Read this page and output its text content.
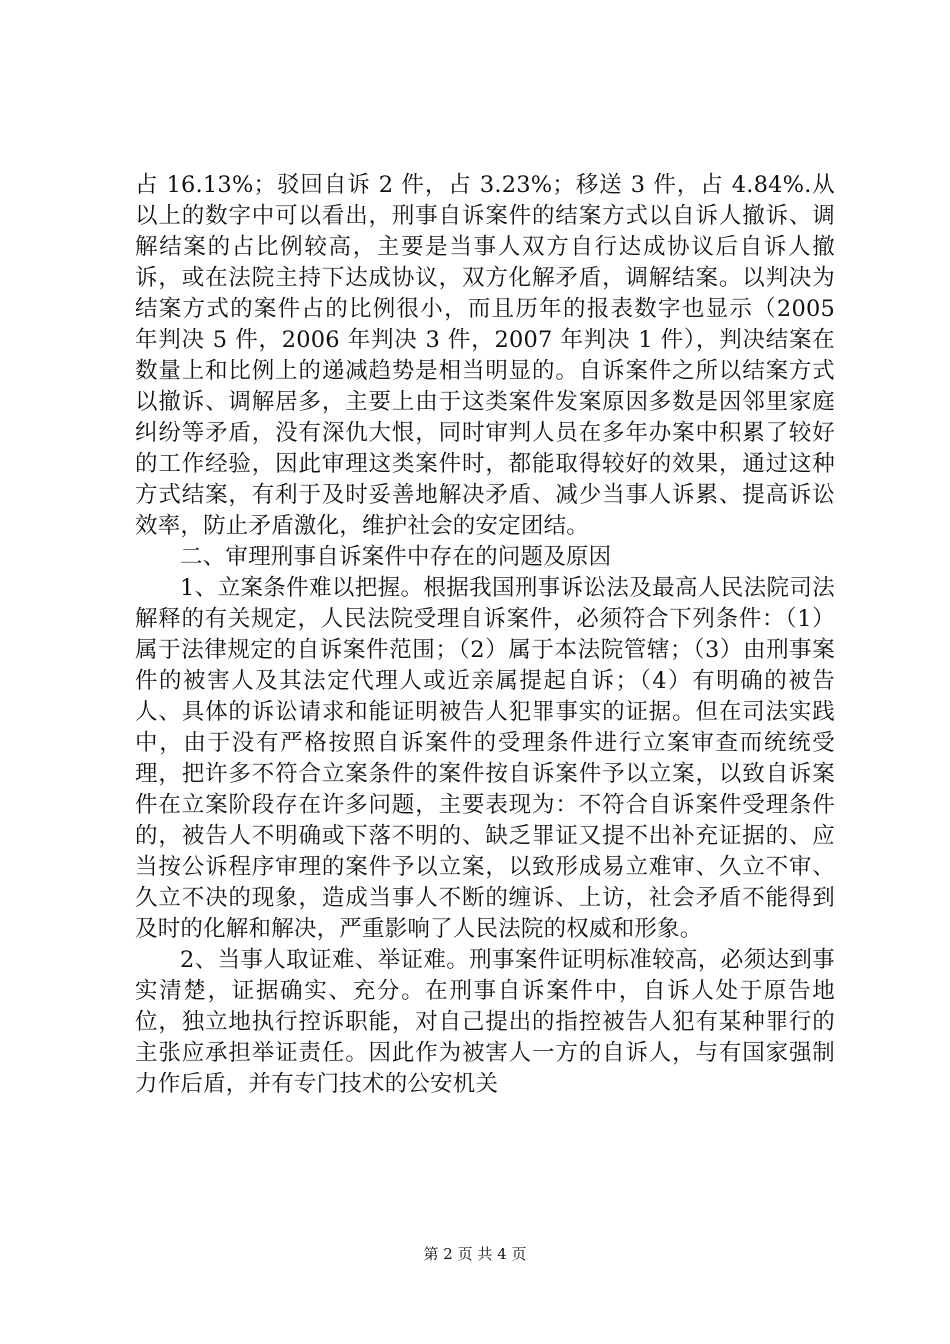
占 16.13%；驳回自诉 2 件，占 3.23%；移送 3 件，占 4.84%.从以上的数字中可以看出，刑事自诉案件的结案方式以自诉人撤诉、调解结案的占比例较高，主要是当事人双方自行达成协议后自诉人撤诉，或在法院主持下达成协议，双方化解矛盾，调解结案。以判决为结案方式的案件占的比例很小，而且历年的报表数字也显示（2005 年判决 5 件，2006 年判决 3 件，2007 年判决 1 件），判决结案在数量上和比例上的递减趋势是相当明显的。自诉案件之所以结案方式以撤诉、调解居多，主要上由于这类案件发案原因多数是因邻里家庭纠纷等矛盾，没有深仇大恨，同时审判人员在多年办案中积累了较好的工作经验，因此审理这类案件时，都能取得较好的效果，通过这种方式结案，有利于及时妥善地解决矛盾、减少当事人诉累、提高诉讼效率，防止矛盾激化，维护社会的安定团结。

二、审理刑事自诉案件中存在的问题及原因

1、立案条件难以把握。根据我国刑事诉讼法及最高人民法院司法解释的有关规定，人民法院受理自诉案件，必须符合下列条件：（1）属于法律规定的自诉案件范围；（2）属于本法院管辖；（3）由刑事案件的被害人及其法定代理人或近亲属提起自诉；（4）有明确的被告人、具体的诉讼请求和能证明被告人犯罪事实的证据。但在司法实践中，由于没有严格按照自诉案件的受理条件进行立案审查而统统受理，把许多不符合立案条件的案件按自诉案件予以立案，以致自诉案件在立案阶段存在许多问题，主要表现为：不符合自诉案件受理条件的，被告人不明确或下落不明的、缺乏罪证又提不出补充证据的、应当按公诉程序审理的案件予以立案，以致形成易立难审、久立不审、久立不决的现象，造成当事人不断的缠诉、上访，社会矛盾不能得到及时的化解和解决，严重影响了人民法院的权威和形象。

2、当事人取证难、举证难。刑事案件证明标准较高，必须达到事实清楚，证据确实、充分。在刑事自诉案件中，自诉人处于原告地位，独立地执行控诉职能，对自己提出的指控被告人犯有某种罪行的主张应承担举证责任。因此作为被害人一方的自诉人，与有国家强制力作后盾，并有专门技术的公安机关

第 2 页 共 4 页
